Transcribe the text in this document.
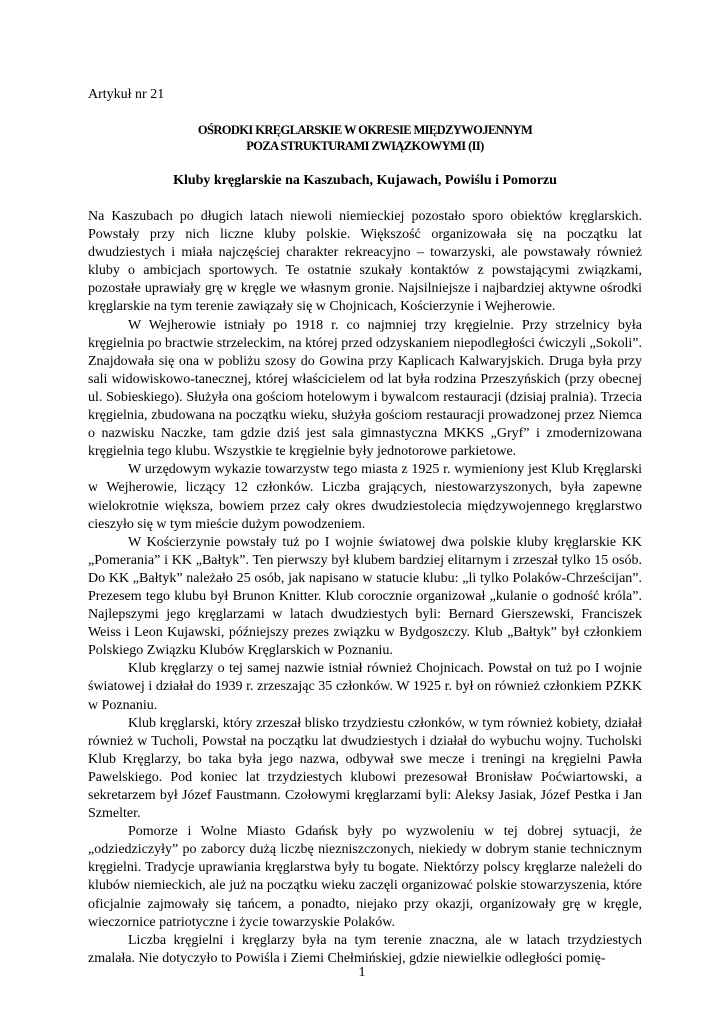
Artykuł nr 21

OŚRODKI KRĘGLARSKIE W OKRESIE MIĘDZYWOJENNYM
POZA STRUKTURAMI ZWIĄZKOWYMI (II)
Kluby kręglarskie na Kaszubach, Kujawach, Powiślu i Pomorzu

Na Kaszubach po długich latach niewoli niemieckiej pozostało sporo obiektów kręglarskich. Powstały przy nich liczne kluby polskie. Większość organizowała się na początku lat dwudziestych i miała najczęściej charakter rekreacyjno – towarzyski, ale powstawały również kluby o ambicjach sportowych. Te ostatnie szukały kontaktów z powstającymi związkami, pozostałe uprawiały grę w kręgle we własnym gronie. Najsilniejsze i najbardziej aktywne ośrodki kręglarskie na tym terenie zawiązały się w Chojnicach, Kościerzynie i Wejherowie.

W Wejherowie istniały po 1918 r. co najmniej trzy kręgielnie. Przy strzelnicy była kręgielnia po bractwie strzeleckim, na której przed odzyskaniem niepodległości ćwiczyli „Sokoli”. Znajdowała się ona w pobliżu szosy do Gowina przy Kaplicach Kalwaryjskich. Druga była przy sali widowiskowo-tanecznej, której właścicielem od lat była rodzina Przeszyńskich (przy obecnej ul. Sobieskiego). Służyła ona gościom hotelowym i bywalcom restauracji (dzisiaj pralnia). Trzecia kręgielnia, zbudowana na początku wieku, służyła gościom restauracji prowadzonej przez Niemca o nazwisku Naczke, tam gdzie dziś jest sala gimnastyczna MKKS „Gryf” i zmodernizowana kręgielnia tego klubu. Wszystkie te kręgielnie były jednotorowe parkietowe.

W urzędowym wykazie towarzystw tego miasta z 1925 r. wymieniony jest Klub Kręglarski w Wejherowie, liczący 12 członków. Liczba grających, niestowarzyszonych, była zapewne wielokrotnie większa, bowiem przez cały okres dwudziestolecia międzywojennego kręglarstwo cieszyło się w tym mieście dużym powodzeniem.

W Kościerzynie powstały tuż po I wojnie światowej dwa polskie kluby kręglarskie KK „Pomerania” i KK „Bałtyk”. Ten pierwszy był klubem bardziej elitarnym i zrzeszał tylko 15 osób. Do KK „Bałtyk” należało 25 osób, jak napisano w statucie klubu: „li tylko Polaków-Chrześcijan”. Prezesem tego klubu był Brunon Knitter. Klub corocznie organizował „kulanie o godność króla”. Najlepszymi jego kręglarzami w latach dwudziestych byli: Bernard Gierszewski, Franciszek Weiss i Leon Kujawski, późniejszy prezes związku w Bydgoszczy. Klub „Bałtyk” był członkiem Polskiego Związku Klubów Kręglarskich w Poznaniu.

Klub kręglarzy o tej samej nazwie istniał również Chojnicach. Powstał on tuż po I wojnie światowej i działał do 1939 r. zrzeszając 35 członków. W 1925 r. był on również członkiem PZKK w Poznaniu.

Klub kręglarski, który zrzeszał blisko trzydziestu członków, w tym również kobiety, działał również w Tucholi, Powstał na początku lat dwudziestych i działał do wybuchu wojny. Tucholski Klub Kręglarzy, bo taka była jego nazwa, odbywał swe mecze i treningi na kręgielni Pawła Pawelskiego. Pod koniec lat trzydziestych klubowi prezesował Bronisław Poćwiartowski, a sekretarzem był Józef Faustmann. Czołowymi kręglarzami byli: Aleksy Jasiak, Józef Pestka i Jan Szmelter.

Pomorze i Wolne Miasto Gdańsk były po wyzwoleniu w tej dobrej sytuacji, że „odziedziczyły” po zaborcy dużą liczbę niezniszczonych, niekiedy w dobrym stanie technicznym kręgielni. Tradycje uprawiania kręglarstwa były tu bogate. Niektórzy polscy kręglarze należeli do klubów niemieckich, ale już na początku wieku zaczęli organizować polskie stowarzyszenia, które oficjalnie zajmowały się tańcem, a ponadto, niejako przy okazji, organizowały grę w kręgle, wieczornice patriotyczne i życie towarzyskie Polaków.

Liczba kręgielni i kręglarzy była na tym terenie znaczna, ale w latach trzydziestych zmalała. Nie dotyczyło to Powiśla i Ziemi Chełmińskiej, gdzie niewielkie odległości pomię-

1
